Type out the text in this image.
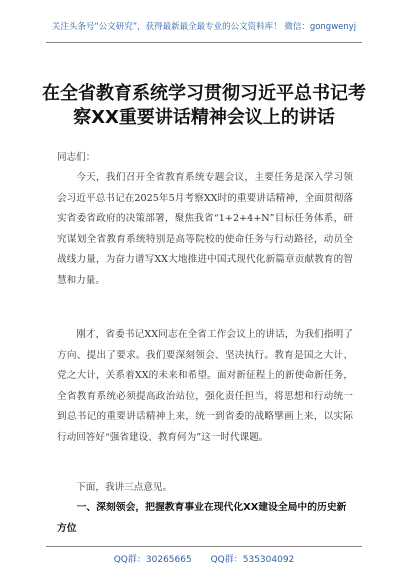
关注头条号“公文研究”，获得最新最全最专业的公文资料库！ 微信：gongwenyj
在全省教育系统学习贯彻习近平总书记考察XX重要讲话精神会议上的讲话
同志们：
今天，我们召开全省教育系统专题会议，主要任务是深入学习领会习近平总书记在2025年5月考察XX时的重要讲话精神，全面贯彻落实省委省政府的决策部署，聚焦我省“1+2+4+N”目标任务体系，研究谋划全省教育系统特别是高等院校的使命任务与行动路径，动员全战线力量，为奋力谱写XX大地推进中国式现代化新篇章贡献教育的智慧和力量。
刚才，省委书记XX同志在全省工作会议上的讲话，为我们指明了方向、提出了要求。我们要深刻领会、坚决执行。教育是国之大计、党之大计，关系着XX的未来和希望。面对新征程上的新使命新任务，全省教育系统必须提高政治站位，强化责任担当，将思想和行动统一到总书记的重要讲话精神上来，统一到省委的战略擘画上来，以实际行动回答好“强省建设、教育何为”这一时代课题。
下面，我讲三点意见。
一、深刻领会，把握教育事业在现代化XX建设全局中的历史新方位
QQ群：30265665 QQ群：535304092
